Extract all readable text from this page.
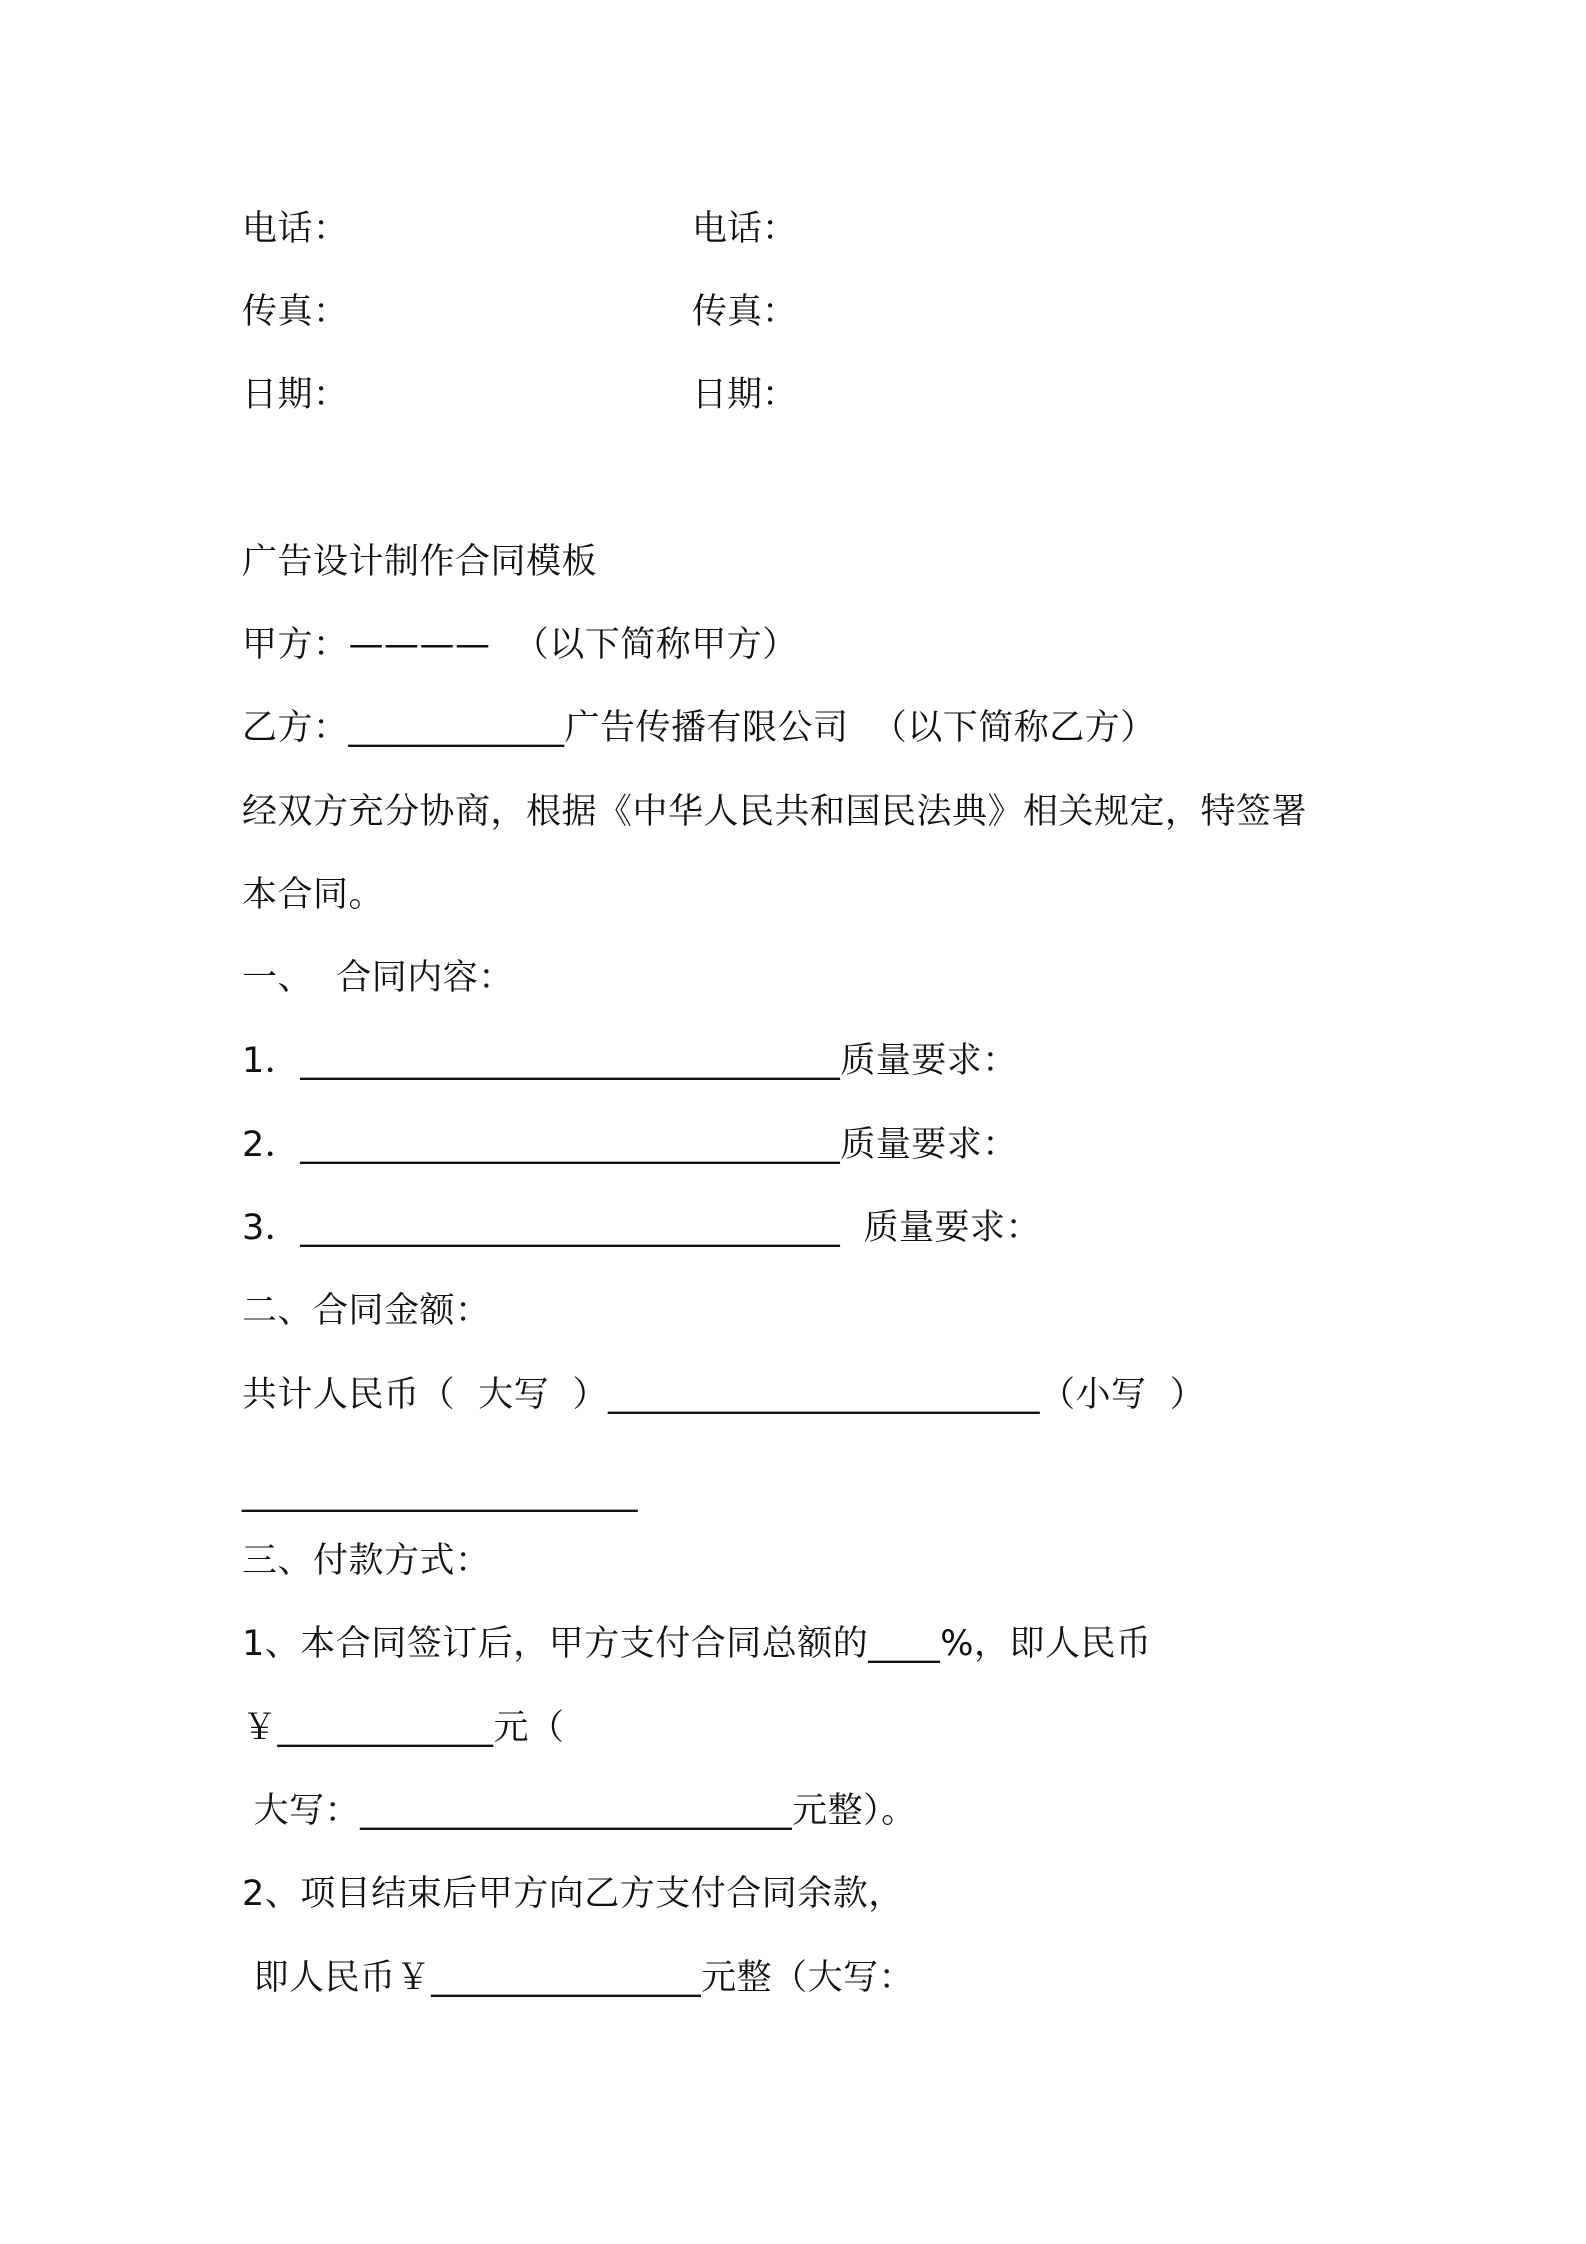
电话：	电话：
传真：	传真：
日期：	日期：
广告设计制作合同模板
甲方：————  （以下简称甲方）
乙方：____________广告传播有限公司  （以下简称乙方）
经双方充分协商，根据《中华人民共和国民法典》相关规定，特签署
本合同。
一、  合同内容：
1．______________________________质量要求：
2．______________________________质量要求：
3．______________________________  质量要求：
二、合同金额：
共计人民币（  大写  ）________________________（小写  ）
______________________
三、付款方式：
1、本合同签订后，甲方支付合同总额的____%，即人民币
￥____________元（
大写：________________________元整）。
2、项目结束后甲方向乙方支付合同余款，
即人民币￥_______________元整（大写：
